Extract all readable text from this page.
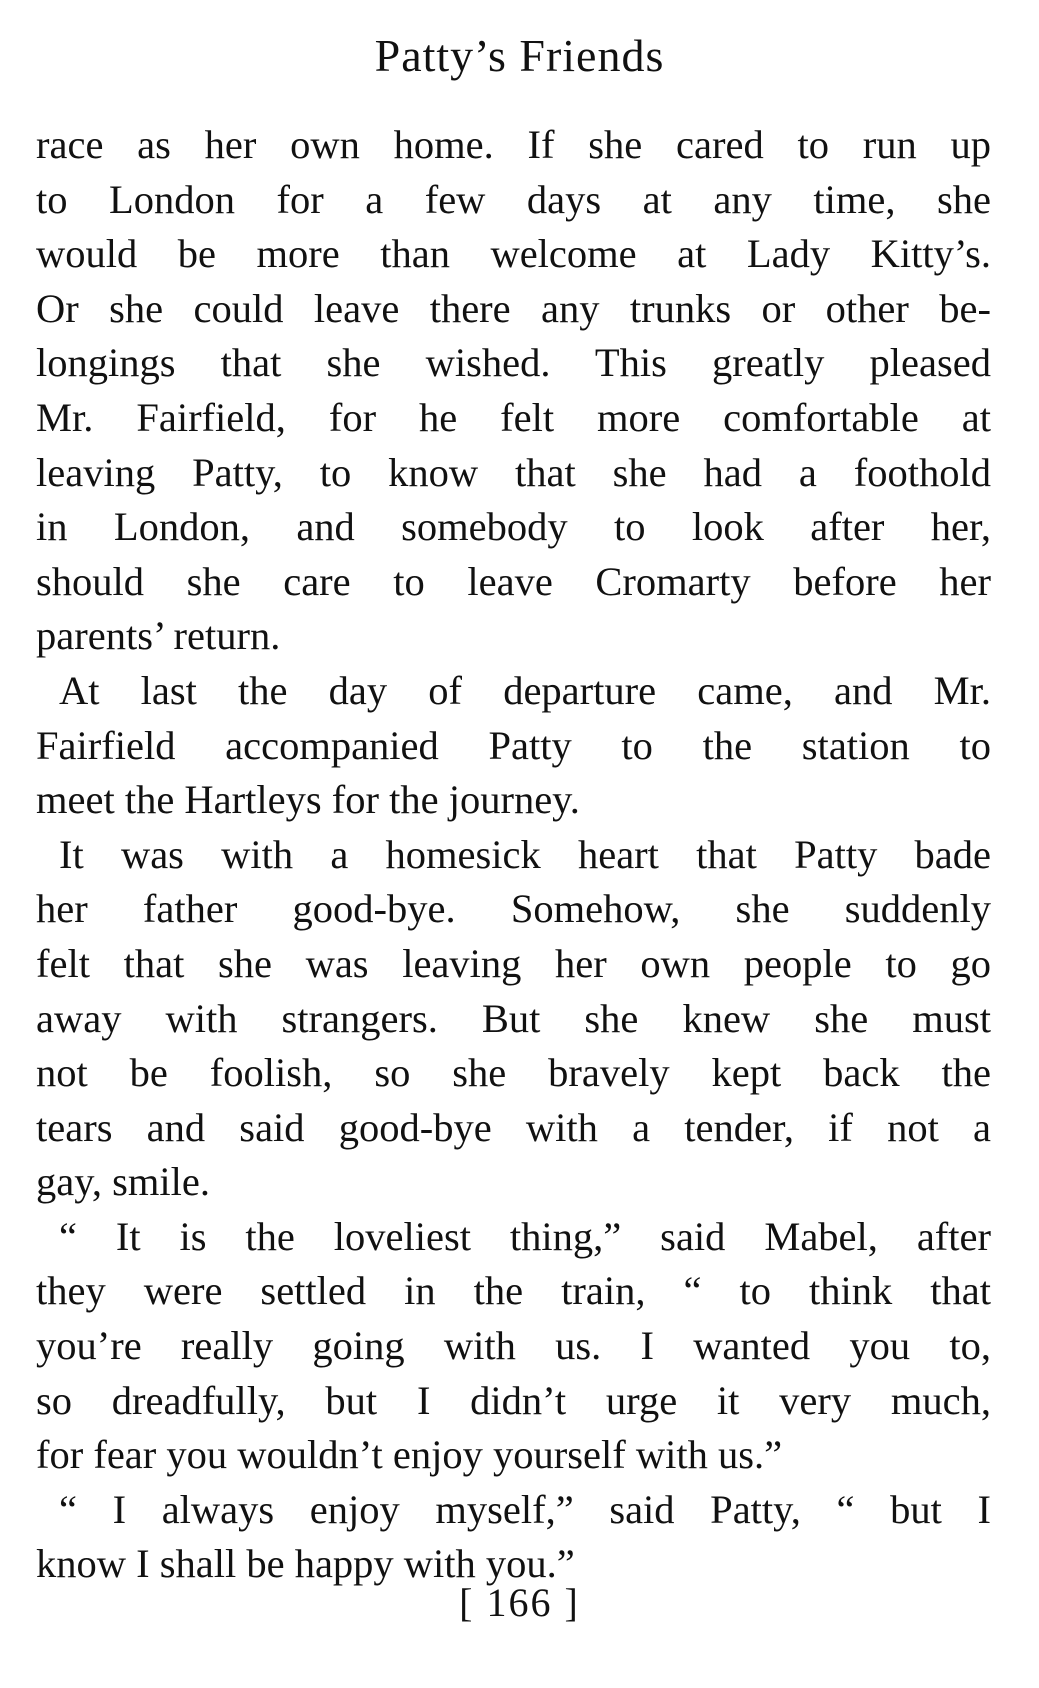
Patty’s Friends
race as her own home. If she cared to run up
to London for a few days at any time, she
would be more than welcome at Lady Kitty’s.
Or she could leave there any trunks or other be-
longings that she wished. This greatly pleased
Mr. Fairfield, for he felt more comfortable at
leaving Patty, to know that she had a foothold
in London, and somebody to look after her,
should she care to leave Cromarty before her
parents’ return.
At last the day of departure came, and Mr.
Fairfield accompanied Patty to the station to
meet the Hartleys for the journey.
It was with a homesick heart that Patty bade
her father good-bye. Somehow, she suddenly
felt that she was leaving her own people to go
away with strangers. But she knew she must
not be foolish, so she bravely kept back the
tears and said good-bye with a tender, if not a
gay, smile.
“ It is the loveliest thing,” said Mabel, after
they were settled in the train, “ to think that
you’re really going with us. I wanted you to,
so dreadfully, but I didn’t urge it very much,
for fear you wouldn’t enjoy yourself with us.”
“ I always enjoy myself,” said Patty, “ but I
know I shall be happy with you.”
[ 166 ]
